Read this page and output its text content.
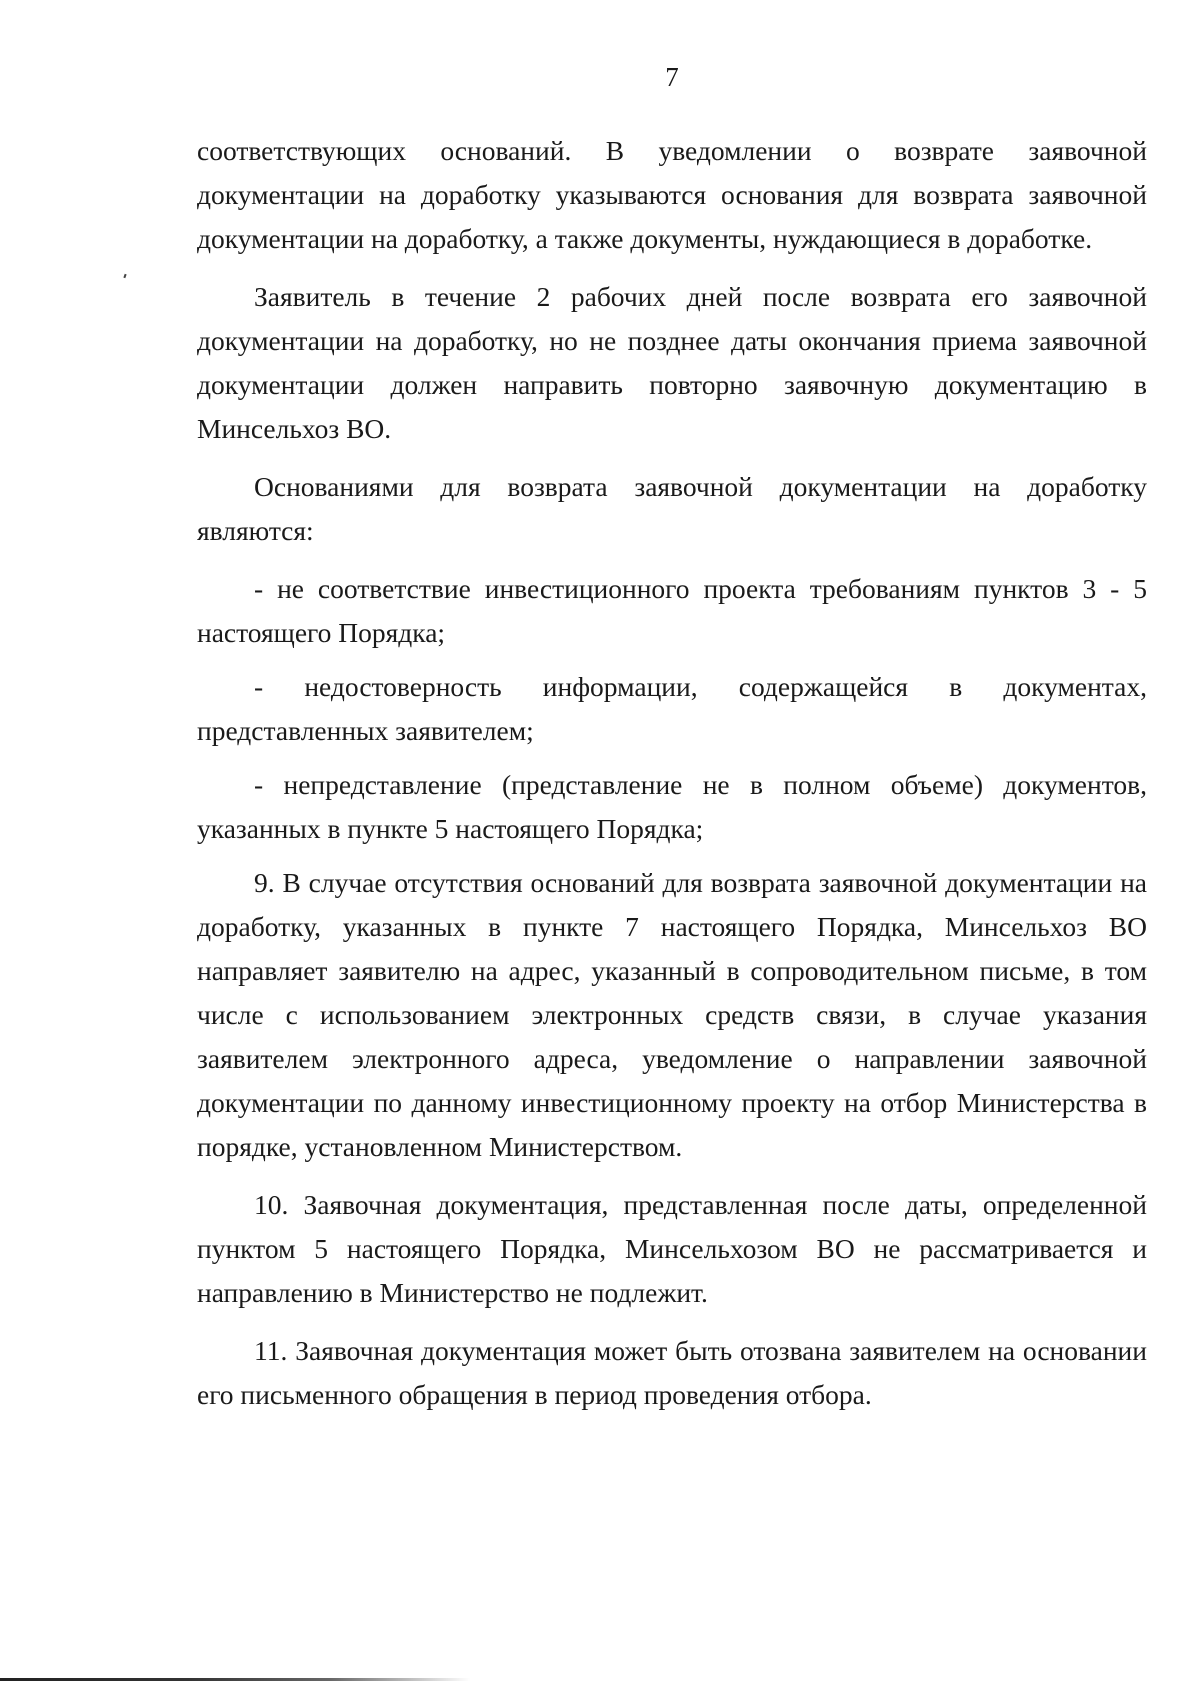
7

соответствующих оснований. В уведомлении о возврате заявочной документации на доработку указываются основания для возврата заявочной документации на доработку, а также документы, нуждающиеся в доработке.

Заявитель в течение 2 рабочих дней после возврата его заявочной документации на доработку, но не позднее даты окончания приема заявочной документации должен направить повторно заявочную документацию в Минсельхоз ВО.

Основаниями для возврата заявочной документации на доработку являются:

- не соответствие инвестиционного проекта требованиям пунктов 3 - 5 настоящего Порядка;

- недостоверность информации, содержащейся в документах, представленных заявителем;

- непредставление (представление не в полном объеме) документов, указанных в пункте 5 настоящего Порядка;

9. В случае отсутствия оснований для возврата заявочной документации на доработку, указанных в пункте 7 настоящего Порядка, Минсельхоз ВО направляет заявителю на адрес, указанный в сопроводительном письме, в том числе с использованием электронных средств связи, в случае указания заявителем электронного адреса, уведомление о направлении заявочной документации по данному инвестиционному проекту на отбор Министерства в порядке, установленном Министерством.

10. Заявочная документация, представленная после даты, определенной пунктом 5 настоящего Порядка, Минсельхозом ВО не рассматривается и направлению в Министерство не подлежит.

11. Заявочная документация может быть отозвана заявителем на основании его письменного обращения в период проведения отбора.
